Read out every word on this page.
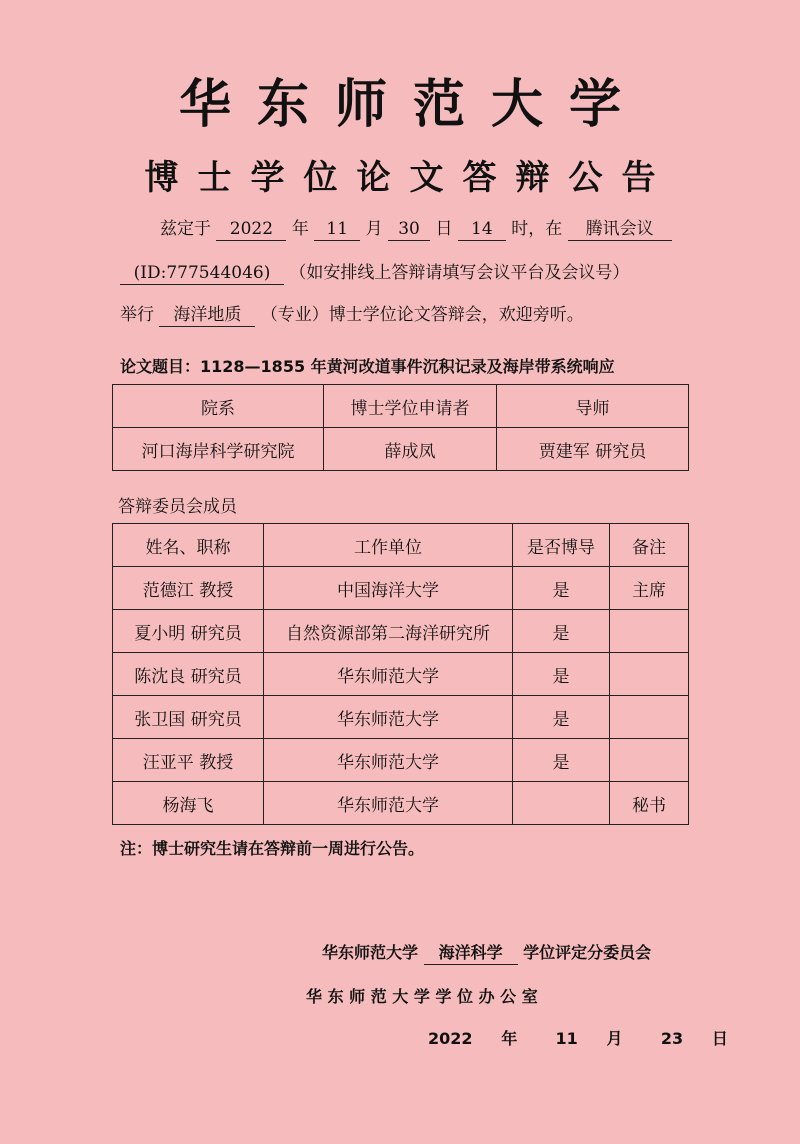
华东师范大学
博士学位论文答辩公告
兹定于 2022 年 11 月 30 日 14 时，在 腾讯会议
(ID:777544046) （如安排线上答辩请填写会议平台及会议号）
举行 海洋地质 （专业）博士学位论文答辩会，欢迎旁听。
论文题目：1128—1855 年黄河改道事件沉积记录及海岸带系统响应
院系	博士学位申请者	导师
河口海岸科学研究院	薛成凤	贾建军 研究员
答辩委员会成员
姓名、职称	工作单位	是否博导	备注
范德江 教授	中国海洋大学	是	主席
夏小明 研究员	自然资源部第二海洋研究所	是	
陈沈良 研究员	华东师范大学	是	
张卫国 研究员	华东师范大学	是	
汪亚平 教授	华东师范大学	是	
杨海飞	华东师范大学		秘书
注：博士研究生请在答辩前一周进行公告。
华东师范大学 海洋科学 学位评定分委员会
华 东 师 范 大 学 学 位 办 公 室
2022 年 11 月 23 日
